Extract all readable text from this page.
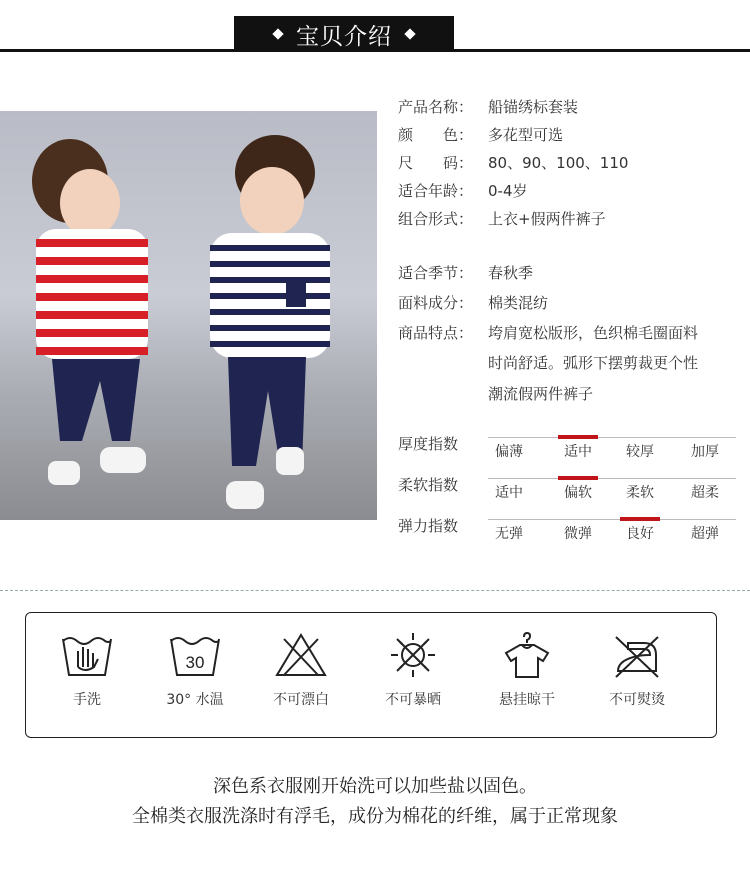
宝贝介绍
产品名称： 船锚绣标套装
颜　　色： 多花型可选
尺　　码： 80、90、100、110
适合年龄： 0-4岁
组合形式： 上衣+假两件裤子
适合季节： 春秋季
面料成分： 棉类混纺
商品特点： 垮肩宽松版形，色织棉毛圈面料
时尚舒适。弧形下摆剪裁更个性
潮流假两件裤子
厚度指数	偏薄	适中	较厚	加厚
柔软指数	适中	偏软	柔软	超柔
弹力指数	无弹	微弹	良好	超弹
手洗
30
30° 水温	不可漂白	不可暴晒	悬挂晾干	不可熨烫
深色系衣服刚开始洗可以加些盐以固色。
全棉类衣服洗涤时有浮毛，成份为棉花的纤维，属于正常现象
